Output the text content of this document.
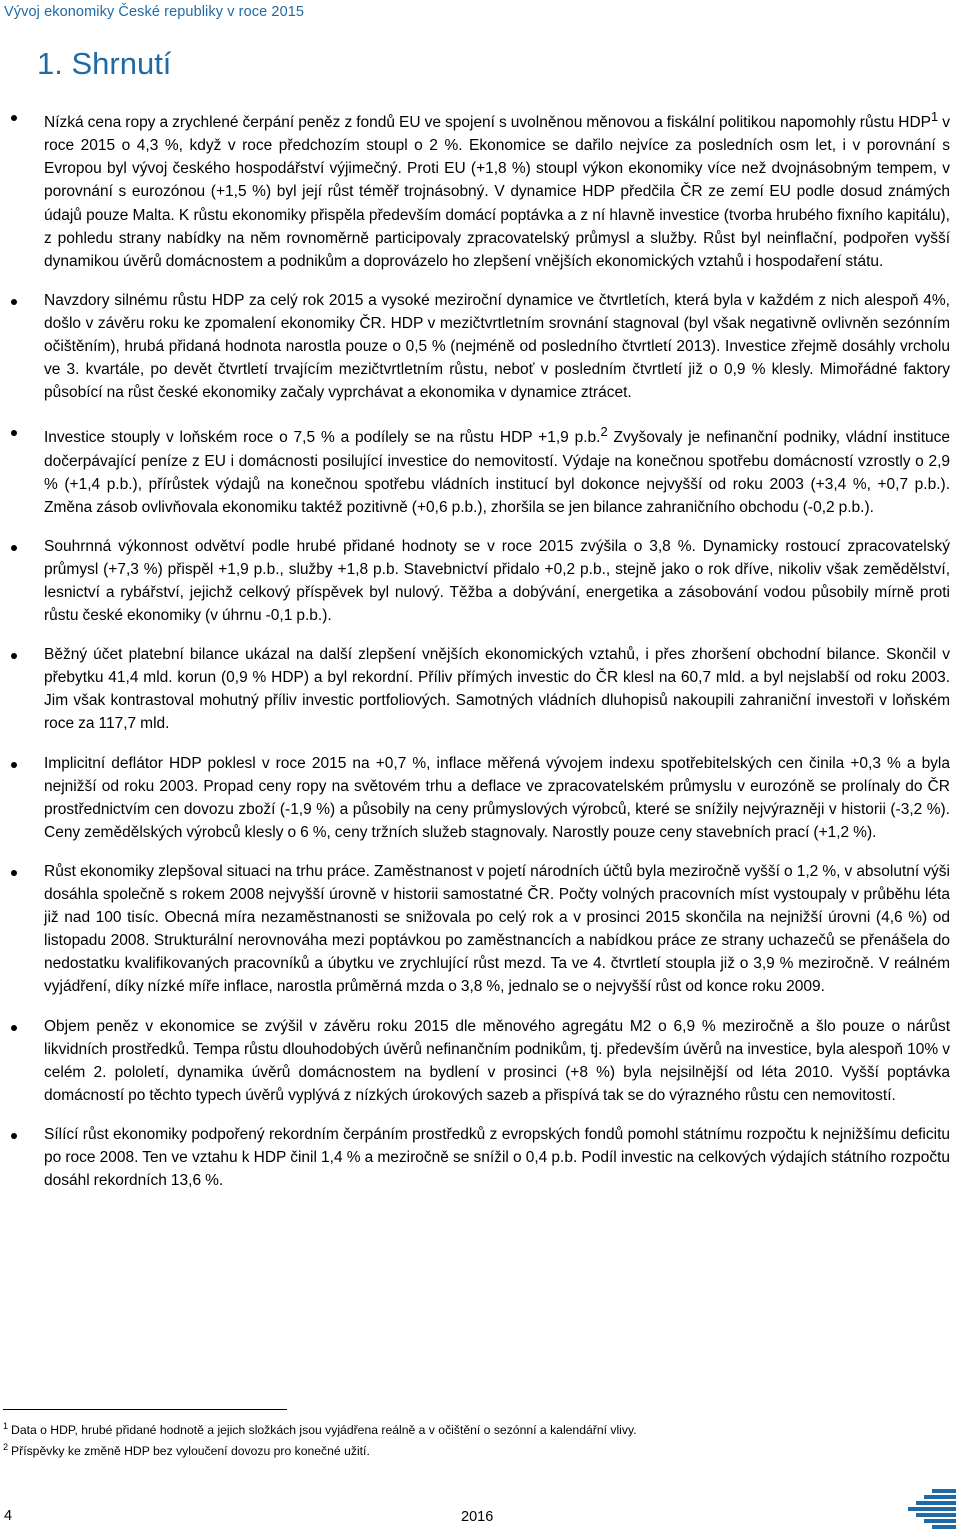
Vývoj ekonomiky České republiky v roce 2015
1. Shrnutí
Nízká cena ropy a zrychlené čerpání peněz z fondů EU ve spojení s uvolněnou měnovou a fiskální politikou napomohly růstu HDP$^1$ v roce 2015 o 4,3 %, když v roce předchozím stoupl o 2 %. Ekonomice se dařilo nejvíce za posledních osm let, i v porovnání s Evropou byl vývoj českého hospodářství výjimečný. Proti EU (+1,8 %) stoupl výkon ekonomiky více než dvojnásobným tempem, v porovnání s eurozónou (+1,5 %) byl její růst téměř trojnásobný. V dynamice HDP předčila ČR ze zemí EU podle dosud známých údajů pouze Malta. K růstu ekonomiky přispěla především domácí poptávka a z ní hlavně investice (tvorba hrubého fixního kapitálu), z pohledu strany nabídky na něm rovnoměrně participovaly zpracovatelský průmysl a služby. Růst byl neinflační, podpořen vyšší dynamikou úvěrů domácnostem a podnikům a doprovázelo ho zlepšení vnějších ekonomických vztahů i hospodaření státu.
Navzdory silnému růstu HDP za celý rok 2015 a vysoké meziroční dynamice ve čtvrtletích, která byla v každém z nich alespoň 4%, došlo v závěru roku ke zpomalení ekonomiky ČR. HDP v mezičtvrtletním srovnání stagnoval (byl však negativně ovlivněn sezónním očištěním), hrubá přidaná hodnota narostla pouze o 0,5 % (nejméně od posledního čtvrtletí 2013). Investice zřejmě dosáhly vrcholu ve 3. kvartále, po devět čtvrtletí trvajícím mezičtvrtletním růstu, neboť v posledním čtvrtletí již o 0,9 % klesly. Mimořádné faktory působící na růst české ekonomiky začaly vyprchávat a ekonomika v dynamice ztrácet.
Investice stouply v loňském roce o 7,5 % a podílely se na růstu HDP +1,9 p.b.$^2$ Zvyšovaly je nefinanční podniky, vládní instituce dočerpávající peníze z EU i domácnosti posilující investice do nemovitostí. Výdaje na konečnou spotřebu domácností vzrostly o 2,9 % (+1,4 p.b.), přírůstek výdajů na konečnou spotřebu vládních institucí byl dokonce nejvyšší od roku 2003 (+3,4 %, +0,7 p.b.). Změna zásob ovlivňovala ekonomiku taktéž pozitivně (+0,6 p.b.), zhoršila se jen bilance zahraničního obchodu (-0,2 p.b.).
Souhrnná výkonnost odvětví podle hrubé přidané hodnoty se v roce 2015 zvýšila o 3,8 %. Dynamicky rostoucí zpracovatelský průmysl (+7,3 %) přispěl +1,9 p.b., služby +1,8 p.b. Stavebnictví přidalo +0,2 p.b., stejně jako o rok dříve, nikoliv však zemědělství, lesnictví a rybářství, jejichž celkový příspěvek byl nulový. Těžba a dobývání, energetika a zásobování vodou působily mírně proti růstu české ekonomiky (v úhrnu -0,1 p.b.).
Běžný účet platební bilance ukázal na další zlepšení vnějších ekonomických vztahů, i přes zhoršení obchodní bilance. Skončil v přebytku 41,4 mld. korun (0,9 % HDP) a byl rekordní. Příliv přímých investic do ČR klesl na 60,7 mld. a byl nejslabší od roku 2003. Jim však kontrastoval mohutný příliv investic portfoliových. Samotných vládních dluhopisů nakoupili zahraniční investoři v loňském roce za 117,7 mld.
Implicitní deflátor HDP poklesl v roce 2015 na +0,7 %, inflace měřená vývojem indexu spotřebitelských cen činila +0,3 % a byla nejnižší od roku 2003. Propad ceny ropy na světovém trhu a deflace ve zpracovatelském průmyslu v eurozóně se prolínaly do ČR prostřednictvím cen dovozu zboží (-1,9 %) a působily na ceny průmyslových výrobců, které se snížily nejvýrazněji v historii (-3,2 %). Ceny zemědělských výrobců klesly o 6 %, ceny tržních služeb stagnovaly. Narostly pouze ceny stavebních prací (+1,2 %).
Růst ekonomiky zlepšoval situaci na trhu práce. Zaměstnanost v pojetí národních účtů byla meziročně vyšší o 1,2 %, v absolutní výši dosáhla společně s rokem 2008 nejvyšší úrovně v historii samostatné ČR. Počty volných pracovních míst vystoupaly v průběhu léta již nad 100 tisíc. Obecná míra nezaměstnanosti se snižovala po celý rok a v prosinci 2015 skončila na nejnižší úrovni (4,6 %) od listopadu 2008. Strukturální nerovnováha mezi poptávkou po zaměstnancích a nabídkou práce ze strany uchazečů se přenášela do nedostatku kvalifikovaných pracovníků a úbytku ve zrychlující růst mezd. Ta ve 4. čtvrtletí stoupla již o 3,9 % meziročně. V reálném vyjádření, díky nízké míře inflace, narostla průměrná mzda o 3,8 %, jednalo se o nejvyšší růst od konce roku 2009.
Objem peněz v ekonomice se zvýšil v závěru roku 2015 dle měnového agregátu M2 o 6,9 % meziročně a šlo pouze o nárůst likvidních prostředků. Tempa růstu dlouhodobých úvěrů nefinančním podnikům, tj. především úvěrů na investice, byla alespoň 10% v celém 2. pololetí, dynamika úvěrů domácnostem na bydlení v prosinci (+8 %) byla nejsilnější od léta 2010. Vyšší poptávka domácností po těchto typech úvěrů vyplývá z nízkých úrokových sazeb a přispívá tak se do výrazného růstu cen nemovitostí.
Sílící růst ekonomiky podpořený rekordním čerpáním prostředků z evropských fondů pomohl státnímu rozpočtu k nejnižšímu deficitu po roce 2008. Ten ve vztahu k HDP činil 1,4 % a meziročně se snížil o 0,4 p.b. Podíl investic na celkových výdajích státního rozpočtu dosáhl rekordních 13,6 %.
$^1$ Data o HDP, hrubé přidané hodnotě a jejich složkách jsou vyjádřena reálně a v očištění o sezónní a kalendářní vlivy.
$^2$ Příspěvky ke změně HDP bez vyloučení dovozu pro konečné užití.
4	2016
